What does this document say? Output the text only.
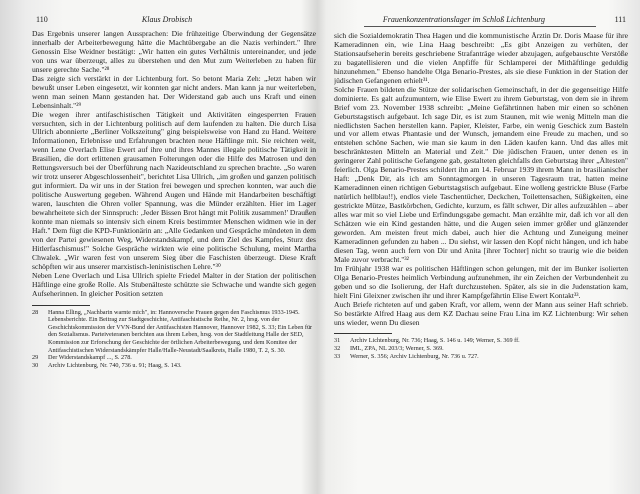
110	Klaus Drobisch

Das Ergebnis unserer langen Aussprachen: Die frühzeitige Überwindung der Gegensätze innerhalb der Arbeiterbewegung hätte die Machtübergabe an die Nazis verhindert." Ihre Genossin Else Weidner bestätigt: „Wir hatten ein gutes Verhältnis untereinander, und jede von uns war überzeugt, alles zu überstehen und den Mut zum Weiterleben zu haben für unsere gerechte Sache."²⁸

Das zeigte sich verstärkt in der Lichtenburg fort. So betont Maria Zeh: „Jetzt haben wir bewußt unser Leben eingesetzt, wir konnten gar nicht anders. Man kann ja nur weiterleben, wenn man seinen Mann gestanden hat. Der Widerstand gab auch uns Kraft und einen Lebensinhalt."²⁹

Die wegen ihrer antifaschistischen Tätigkeit und Aktivitäten eingesperrten Frauen versuchten, sich in der Lichtenburg politisch auf dem laufenden zu halten. Die durch Lisa Ullrich abonnierte „Berliner Volkszeitung" ging beispielsweise von Hand zu Hand. Weitere Informationen, Erlebnisse und Erfahrungen brachten neue Häftlinge mit. Sie reichten weit, wenn Lene Overlach Elise Ewert auf ihre und ihres Mannes illegale politische Tätigkeit in Brasilien, die dort erlittenen grausamen Folterungen oder die Hilfe des Matrosen und den Rettungsversuch bei der Überführung nach Nazideutschland zu sprechen brachte. „So waren wir trotz unserer Abgeschlossenheit", berichtet Lisa Ullrich, „im großen und ganzen politisch gut informiert. Da wir uns in der Station frei bewegen und sprechen konnten, war auch die politische Auswertung gegeben. Während Augen und Hände mit Handarbeiten beschäftigt waren, lauschten die Ohren voller Spannung, was die Münder erzählten. Hier im Lager bewahrheitete sich der Sinnspruch: ‚Jeder Bissen Brot hängt mit Politik zusammen!' Draußen konnte man niemals so intensiv sich einem Kreis bestimmter Menschen widmen wie in der Haft." Dem fügt die KPD-Funktionärin an: „Alle Gedanken und Gespräche mündeten in dem von der Partei gewiesenen Weg, Widerstandskampf, und dem Ziel des Kampfes, Sturz des Hitlerfaschismus!" Solche Gespräche wirkten wie eine politische Schulung, meint Martha Chwalek. „Wir waren fest von unserem Sieg über die Faschisten überzeugt. Diese Kraft schöpften wir aus unserer marxistisch-leninistischen Lehre."³⁰

Neben Lene Overlach und Lisa Ullrich spielte Friedel Malter in der Station der politischen Häftlinge eine große Rolle. Als Stubenälteste schützte sie Schwache und wandte sich gegen Aufseherinnen. In gleicher Position setzten

28 Hanna Elling, „Nachbarin warnte mich", in: Hannoversche Frauen gegen den Faschismus 1933-1945. Lebensberichte. Ein Beitrag zur Stadtgeschichte, Antifaschistische Reihe, Nr. 2, hrsg. von der Geschichtskommission der VVN-Bund der Antifaschisten Hannover, Hannover 1982, S. 33; Ein Leben für den Sozialismus. Parteiveteranen berichten aus ihrem Leben, hrsg. von der Stadtleitung Halle der SED, Kommission zur Erforschung der Geschichte der örtlichen Arbeiterbewegung, und dem Komitee der Antifaschistischen Widerstandskämpfer Halle/Halle-Neustadt/Saalkreis, Halle 1980, T. 2, S. 30.
29 Der Widerstandskampf ..., S. 278.
30 Archiv Lichtenburg, Nr. 740, 736 u. 91; Haag, S. 143.
Frauenkonzentrationslager im Schloß Lichtenburg	111

sich die Sozialdemokratin Thea Hagen und die kommunistische Ärztin Dr. Doris Maase für ihre Kameradinnen ein, wie Lina Haag beschreibt: „Es gibt Anzeigen zu verhüten, der Stationsaufseherin bereits geschriebene Strafanträge wieder abzujagen, aufgebauschte Verstöße zu bagatellisieren und die vielen Anpfiffe für Schlamperei der Mithäftlinge geduldig hinzunehmen." Ebenso handelte Olga Benario-Prestes, als sie diese Funktion in der Station der jüdischen Gefangenen erhielt³¹.

Solche Frauen bildeten die Stütze der solidarischen Gemeinschaft, in der die gegenseitige Hilfe dominierte. Es galt aufzumuntern, wie Elise Ewert zu ihrem Geburtstag, von dem sie in ihrem Brief vom 23. November 1938 schreibt: „Meine Gefährtinnen haben mir einen so schönen Geburtstagstisch aufgebaut. Ich sage Dir, es ist zum Staunen, mit wie wenig Mitteln man die niedlichsten Sachen herstellen kann. Papier, Kleister, Farbe, ein wenig Geschick zum Basteln und vor allem etwas Phantasie und der Wunsch, jemandem eine Freude zu machen, und so entstehen schöne Sachen, wie man sie kaum in den Läden kaufen kann. Und das alles mit beschränktesten Mitteln an Material und Zeit." Die jüdischen Frauen, unter denen es in geringerer Zahl politische Gefangene gab, gestalteten gleichfalls den Geburtstag ihrer „Ältesten" feierlich. Olga Benario-Prestes schildert ihn am 14. Februar 1939 ihrem Mann in brasilianischer Haft: „Denk Dir, als ich am Sonntagmorgen in unseren Tagesraum trat, hatten meine Kameradinnen einen richtigen Geburtstagstisch aufgebaut. Eine wolleng gestrickte Bluse (Farbe natürlich hellblau!!), endlos viele Taschentücher, Deckchen, Toilettensachen, Süßigkeiten, eine gestrickte Mütze, Bastkörbchen, Gedichte, kurzum, es fällt schwer, Dir alles aufzuzählen – aber alles war mit so viel Liebe und Erfindungsgabe gemacht. Man erzählte mir, daß ich vor all den Schätzen wie ein Kind gestanden hätte, und die Augen seien immer größer und glänzender geworden. Am meisten freut mich dabei, auch hier die Achtung und Zuneigung meiner Kameradinnen gefunden zu haben ... Du siehst, wir lassen den Kopf nicht hängen, und ich habe diesen Tag, wenn auch fern von Dir und Anita [ihrer Tochter] nicht so traurig wie die beiden Male zuvor verbracht."³²

Im Frühjahr 1938 war es politischen Häftlingen schon gelungen, mit der im Bunker isolierten Olga Benario-Prestes heimlich Verbindung aufzunehmen, ihr ein Zeichen der Verbundenheit zu geben und so die Isolierung, der Haft durchzustehen. Später, als sie in die Judenstation kam, hielt Fini Gleixner zwischen ihr und ihrer Kampfgefährtin Elise Ewert Kontakt³³.

Auch Briefe richteten auf und gaben Kraft, vor allem, wenn der Mann aus seiner Haft schrieb. So bestärkte Alfred Haag aus dem KZ Dachau seine Frau Lina im KZ Lichtenburg: Wir sehen uns wieder, wenn Du diesen

31 Archiv Lichtenburg, Nr. 736; Haag, S. 146 u. 149; Werner, S. 369 ff.
32 IML, ZPA, NL 203/3; Werner, S. 369.
33 Werner, S. 356; Archiv Lichtenburg, Nr. 736 u. 727.
